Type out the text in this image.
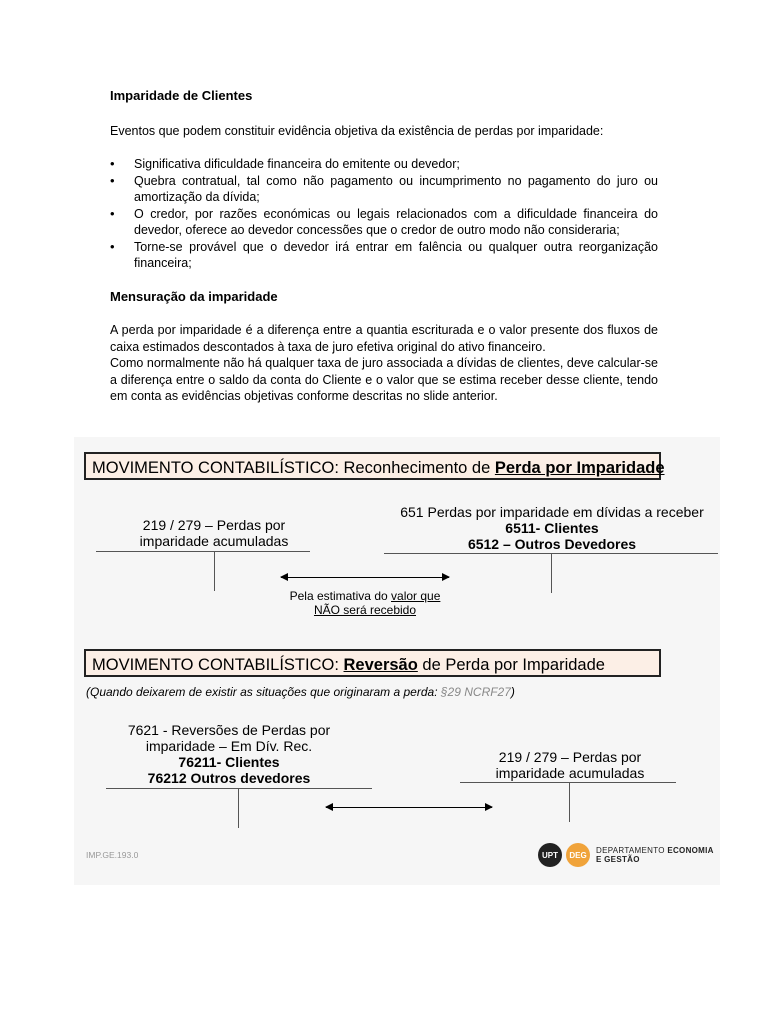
Imparidade de Clientes
Eventos que podem constituir evidência objetiva da existência de perdas por imparidade:
• Significativa dificuldade financeira do emitente ou devedor;
• Quebra contratual, tal como não pagamento ou incumprimento no pagamento do juro ou amortização da dívida;
• O credor, por razões económicas ou legais relacionados com a dificuldade financeira do devedor, oferece ao devedor concessões que o credor de outro modo não consideraria;
• Torne-se provável que o devedor irá entrar em falência ou qualquer outra reorganização financeira;
Mensuração da imparidade
A perda por imparidade é a diferença entre a quantia escriturada e o valor presente dos fluxos de caixa estimados descontados à taxa de juro efetiva original do ativo financeiro.
Como normalmente não há qualquer taxa de juro associada a dívidas de clientes, deve calcular-se a diferença entre o saldo da conta do Cliente e o valor que se estima receber desse cliente, tendo em conta as evidências objetivas conforme descritas no slide anterior.
MOVIMENTO CONTABILÍSTICO: Reconhecimento de Perda por Imparidade
219 / 279 – Perdas por
imparidade acumuladas
651 Perdas por imparidade em dívidas a receber
6511- Clientes
6512 – Outros Devedores
Pela estimativa do valor que
NÃO será recebido
MOVIMENTO CONTABILÍSTICO: Reversão de Perda por Imparidade
(Quando deixarem de existir as situações que originaram a perda: §29 NCRF27)
7621 - Reversões de Perdas por
imparidade – Em Dív. Rec.
76211- Clientes
76212 Outros devedores
219 / 279 – Perdas por
imparidade acumuladas
IMP.GE.193.0	UPT	DEG	DEPARTAMENTO ECONOMIA
E GESTÃO
